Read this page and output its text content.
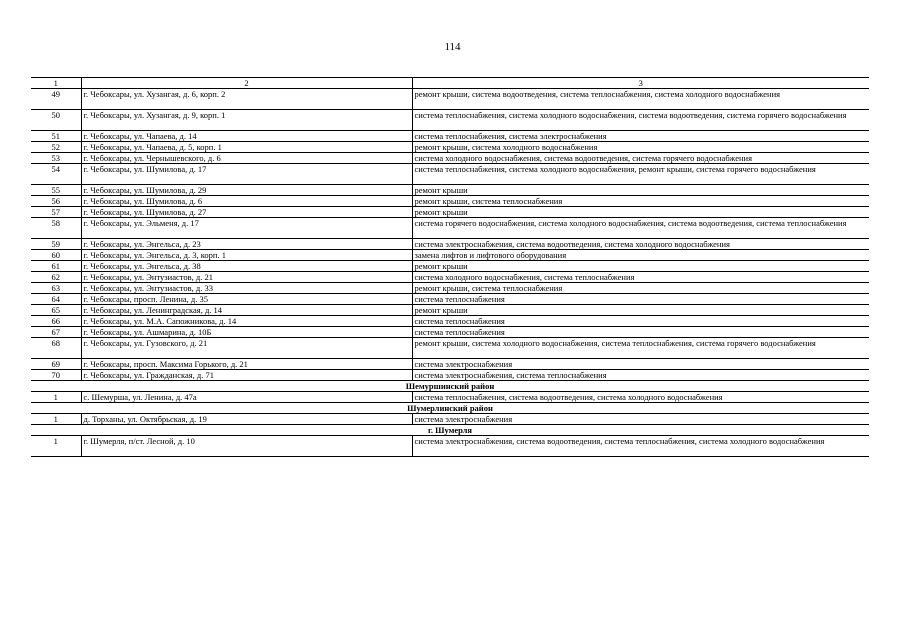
114
1	2	3
49	г. Чебоксары, ул. Хузангая, д. 6, корп. 2	ремонт крыши, система водоотведения, система теплоснабжения, система холодного водоснабжения
50	г. Чебоксары, ул. Хузангая, д. 9, корп. 1	система теплоснабжения, система холодного водоснабжения, система водоотведения, система горячего водоснабжения
51	г. Чебоксары, ул. Чапаева, д. 14	система теплоснабжения, система электроснабжения
52	г. Чебоксары, ул. Чапаева, д. 5, корп. 1	ремонт крыши, система холодного водоснабжения
53	г. Чебоксары, ул. Чернышевского, д. 6	система холодного водоснабжения, система водоотведения, система горячего водоснабжения
54	г. Чебоксары, ул. Шумилова, д. 17	система теплоснабжения, система холодного водоснабжения, ремонт крыши, система горячего водоснабжения
55	г. Чебоксары, ул. Шумилова, д. 29	ремонт крыши
56	г. Чебоксары, ул. Шумилова, д. 6	ремонт крыши, система теплоснабжения
57	г. Чебоксары, ул. Шумилова, д. 27	ремонт крыши
58	г. Чебоксары, ул. Эльменя, д. 17	система горячего водоснабжения, система холодного водоснабжения, система водоотведения, система теплоснабжения
59	г. Чебоксары, ул. Энгельса, д. 23	система электроснабжения, система водоотведения, система холодного водоснабжения
60	г. Чебоксары, ул. Энгельса, д. 3, корп. 1	замена лифтов и лифтового оборудования
61	г. Чебоксары, ул. Энгельса, д. 38	ремонт крыши
62	г. Чебоксары, ул. Энтузиастов, д. 21	система холодного водоснабжения, система теплоснабжения
63	г. Чебоксары, ул. Энтузиастов, д. 33	ремонт крыши, система теплоснабжения
64	г. Чебоксары, просп. Ленина, д. 35	система теплоснабжения
65	г. Чебоксары, ул. Ленинградская, д. 14	ремонт крыши
66	г. Чебоксары, ул. М.А. Сапожникова, д. 14	система теплоснабжения
67	г. Чебоксары, ул. Ашмарина, д. 10Б	система теплоснабжения
68	г. Чебоксары, ул. Гузовского, д. 21	ремонт крыши, система холодного водоснабжения, система теплоснабжения, система горячего водоснабжения
69	г. Чебоксары, просп. Максима Горького, д. 21	система электроснабжения
70	г. Чебоксары, ул. Гражданская, д. 71	система электроснабжения, система теплоснабжения
Шемуршинский район		
1	с. Шемурша, ул. Ленина, д. 47а	система теплоснабжения, система водоотведения, система холодного водоснабжения
Шумерлинский район		
1	д. Торханы, ул. Октябрьская, д. 19	система электроснабжения
г. Шумерля		
1	г. Шумерля, п/ст. Лесной, д. 10	система электроснабжения, система водоотведения, система теплоснабжения, система холодного водоснабжения
